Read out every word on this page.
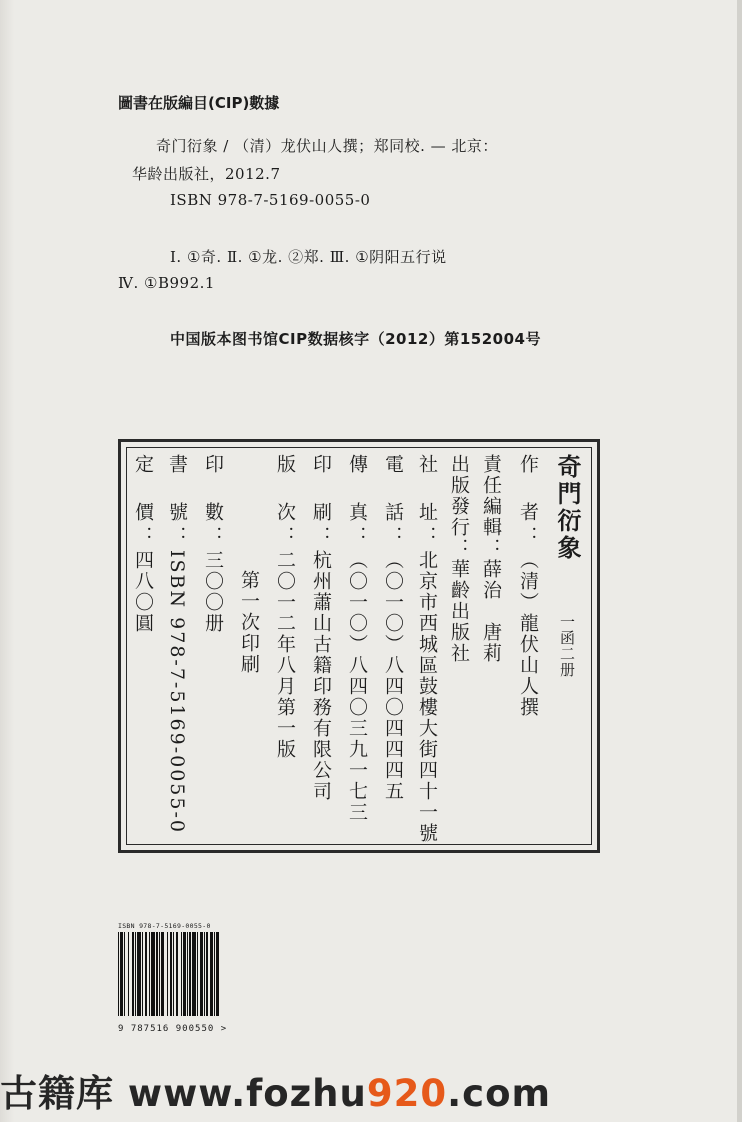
圖書在版編目(CIP)數據
奇门衍象 / （清）龙伏山人撰；郑同校. — 北京：
华龄出版社，2012.7
ISBN 978-7-5169-0055-0
Ⅰ. ①奇. Ⅱ. ①龙. ②郑. Ⅲ. ①阴阳五行说
Ⅳ. ①B992.1
中国版本图书馆CIP数据核字（2012）第152004号
奇門衍象 一函二册
作　者：（清）龍伏山人撰
責任編輯：薛治　唐莉
出版發行：華齡出版社
社　址：北京市西城區鼓樓大街四十一號
電　話：（〇一〇）八四〇四四四五
傳　真：（〇一〇）八四〇三九一七三
印　刷：杭州蕭山古籍印務有限公司
版　次：二〇一二年八月第一版
第一次印刷
印　數：三〇〇册
書　號：ISBN 978-7-5169-0055-0
定　價：四八〇圓
ISBN 978-7-5169-0055-0
9 787516 900550 >
古籍库 www.fozhu920.com
